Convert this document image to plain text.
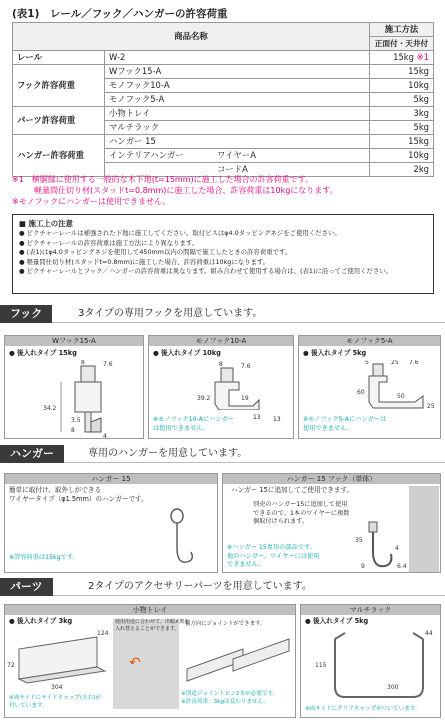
(表1)　レール／フック／ハンガーの許容荷重
商品名称		施工方法
		正面付・天井付
レール	W-2	15kg ※1
フック許容荷重	Wフック15-A	15kg
	モノフック10-A	10kg
	モノフック5-A	5kg
パーツ許容荷重	小物トレイ	3kg
	マルチラック	5kg
ハンガー許容荷重	ハンガー 15	15kg
	インテリアハンガー ワイヤーA	10kg

	コードA	2kg
※1　横胴縁に使用する一般的な木下地(t=15mm)に施工した場合の許容荷重です。
軽量間仕切り材(スタッドt=0.8mm)に施工した場合、許容荷重は10kgになります。
※モノフックにハンガーは使用できません。
■ 施工上の注意
● ピクチャーレールは補強された下地に施工してください。取付ビスはφ4.0タッピングネジをご使用ください。
● ピクチャーレールの許容荷重は施工方法により異なります。
● (表1)はφ4.0タッピングネジを使用して450mm以内の間隔で施工したときの許容荷重です。
● 軽量間仕切り材(スタッドt=0.8mm)に施工した場合、許容荷重は10kgになります。
● ピクチャーレールとフック／ハンガーの許容荷重は異なります。組み合わせて使用する場合は、(表1)に沿ってご使用ください。
フック	3タイプの専用フックを用意しています。
Wフック15-A
● 後入れタイプ 15kg
34.2
8	7.6
3.5
8
4
モノフック10-A
● 後入れタイプ 10kg
8	7.6
39.2	19
※モノフック10-Aにハンガー
は使用できません。
13 13
モノフック5-A
● 後入れタイプ 5kg
5	25 7.6
60
50
25
※モノフック5-Aにハンガーは
使用できません。
ハンガー	専用のハンガーを用意しています。
ハンガー 15
簡単に取付け、取外しができる
ワイヤータイプ（φ1.5mm）のハンガーです。
※許容荷重は15kgです。
ハンガー 15 フック（単体）
ハンガー 15に追加してご使用できます。
別売のハンガー15に追加して使用
できるので、1本のワイヤーに複数
個取付けられます。
※ハンガー 15専用の部品です。
他のハンガー、ワイヤーには使用
できません。
35
4
6.4
9
パーツ	2タイプのアクセサリーパーツを用意しています。
小物トレイ
● 後入れタイプ 3kg
124
72
304
↶
使用用途に合わせて、出幅×奥を
入れ替えることができます。
横方向にジョイントができます。
※両サイドにサイドキャップ(左右)が
付いています。
※別途ジョイントピン2本が必要です。
※許容荷重：3kgは変わりません。
マルチラック
● 後入れタイプ 5kg
44
115
300
※両サイドにクリアキャップがついています。
